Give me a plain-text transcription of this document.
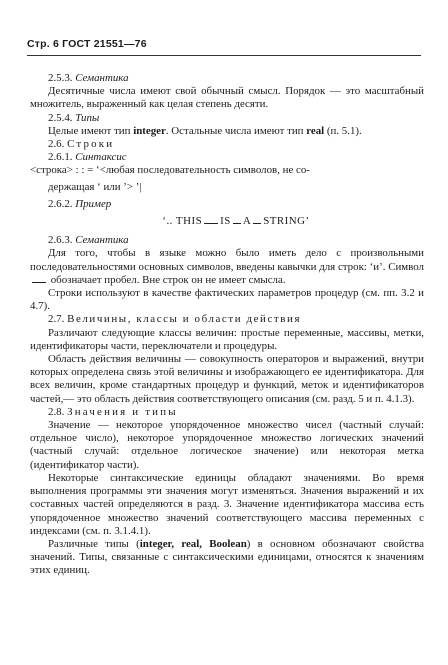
Стр. 6 ГОСТ 21551—76

2.5.3. Семантика

Десятичные числа имеют свой обычный смысл. Порядок — это масштабный множитель, выраженный как целая степень десяти.

2.5.4. Типы

Целые имеют тип integer. Остальные числа имеют тип real (п. 5.1).

2.6. Строки

2.6.1. Синтаксис

<строка> : : = ‘<любая последовательность символов, не со-

держащая ‘ или ’> ’|

2.6.2. Пример

‘.. THIS IS A STRING’

2.6.3. Семантика

Для того, чтобы в языке можно было иметь дело с произвольными последовательностями основных символов, введены кавычки для строк: ‘и’. Символ  обозначает пробел. Вне строк он не имеет смысла.

Строки используют в качестве фактических параметров процедур (см. пп. 3.2 и 4.7).

2.7. Величины, классы и области действия

Различают следующие классы величин: простые переменные, массивы, метки, идентификаторы части, переключатели и процедуры.

Область действия величины — совокупность операторов и выражений, внутри которых определена связь этой величины и изображающего ее идентификатора. Для всех величин, кроме стандартных процедур и функций, меток и идентификаторов частей,— это область действия соответствующего описания (см. разд. 5 и п. 4.1.3).

2.8. Значения и типы

Значение — некоторое упорядоченное множество чисел (частный случай: отдельное число), некоторое упорядоченное множество логических значений (частный случай: отдельное логическое значение) или некоторая метка (идентификатор части).

Некоторые синтаксические единицы обладают значениями. Во время выполнения программы эти значения могут изменяться. Значения выражений и их составных частей определяются в разд. 3. Значение идентификатора массива есть упорядоченное множество значений соответствующего массива переменных с индексами (см. п. 3.1.4.1).

Различные типы (integer, real, Boolean) в основном обозначают свойства значений. Типы, связанные с синтаксическими единицами, относятся к значениям этих единиц.
